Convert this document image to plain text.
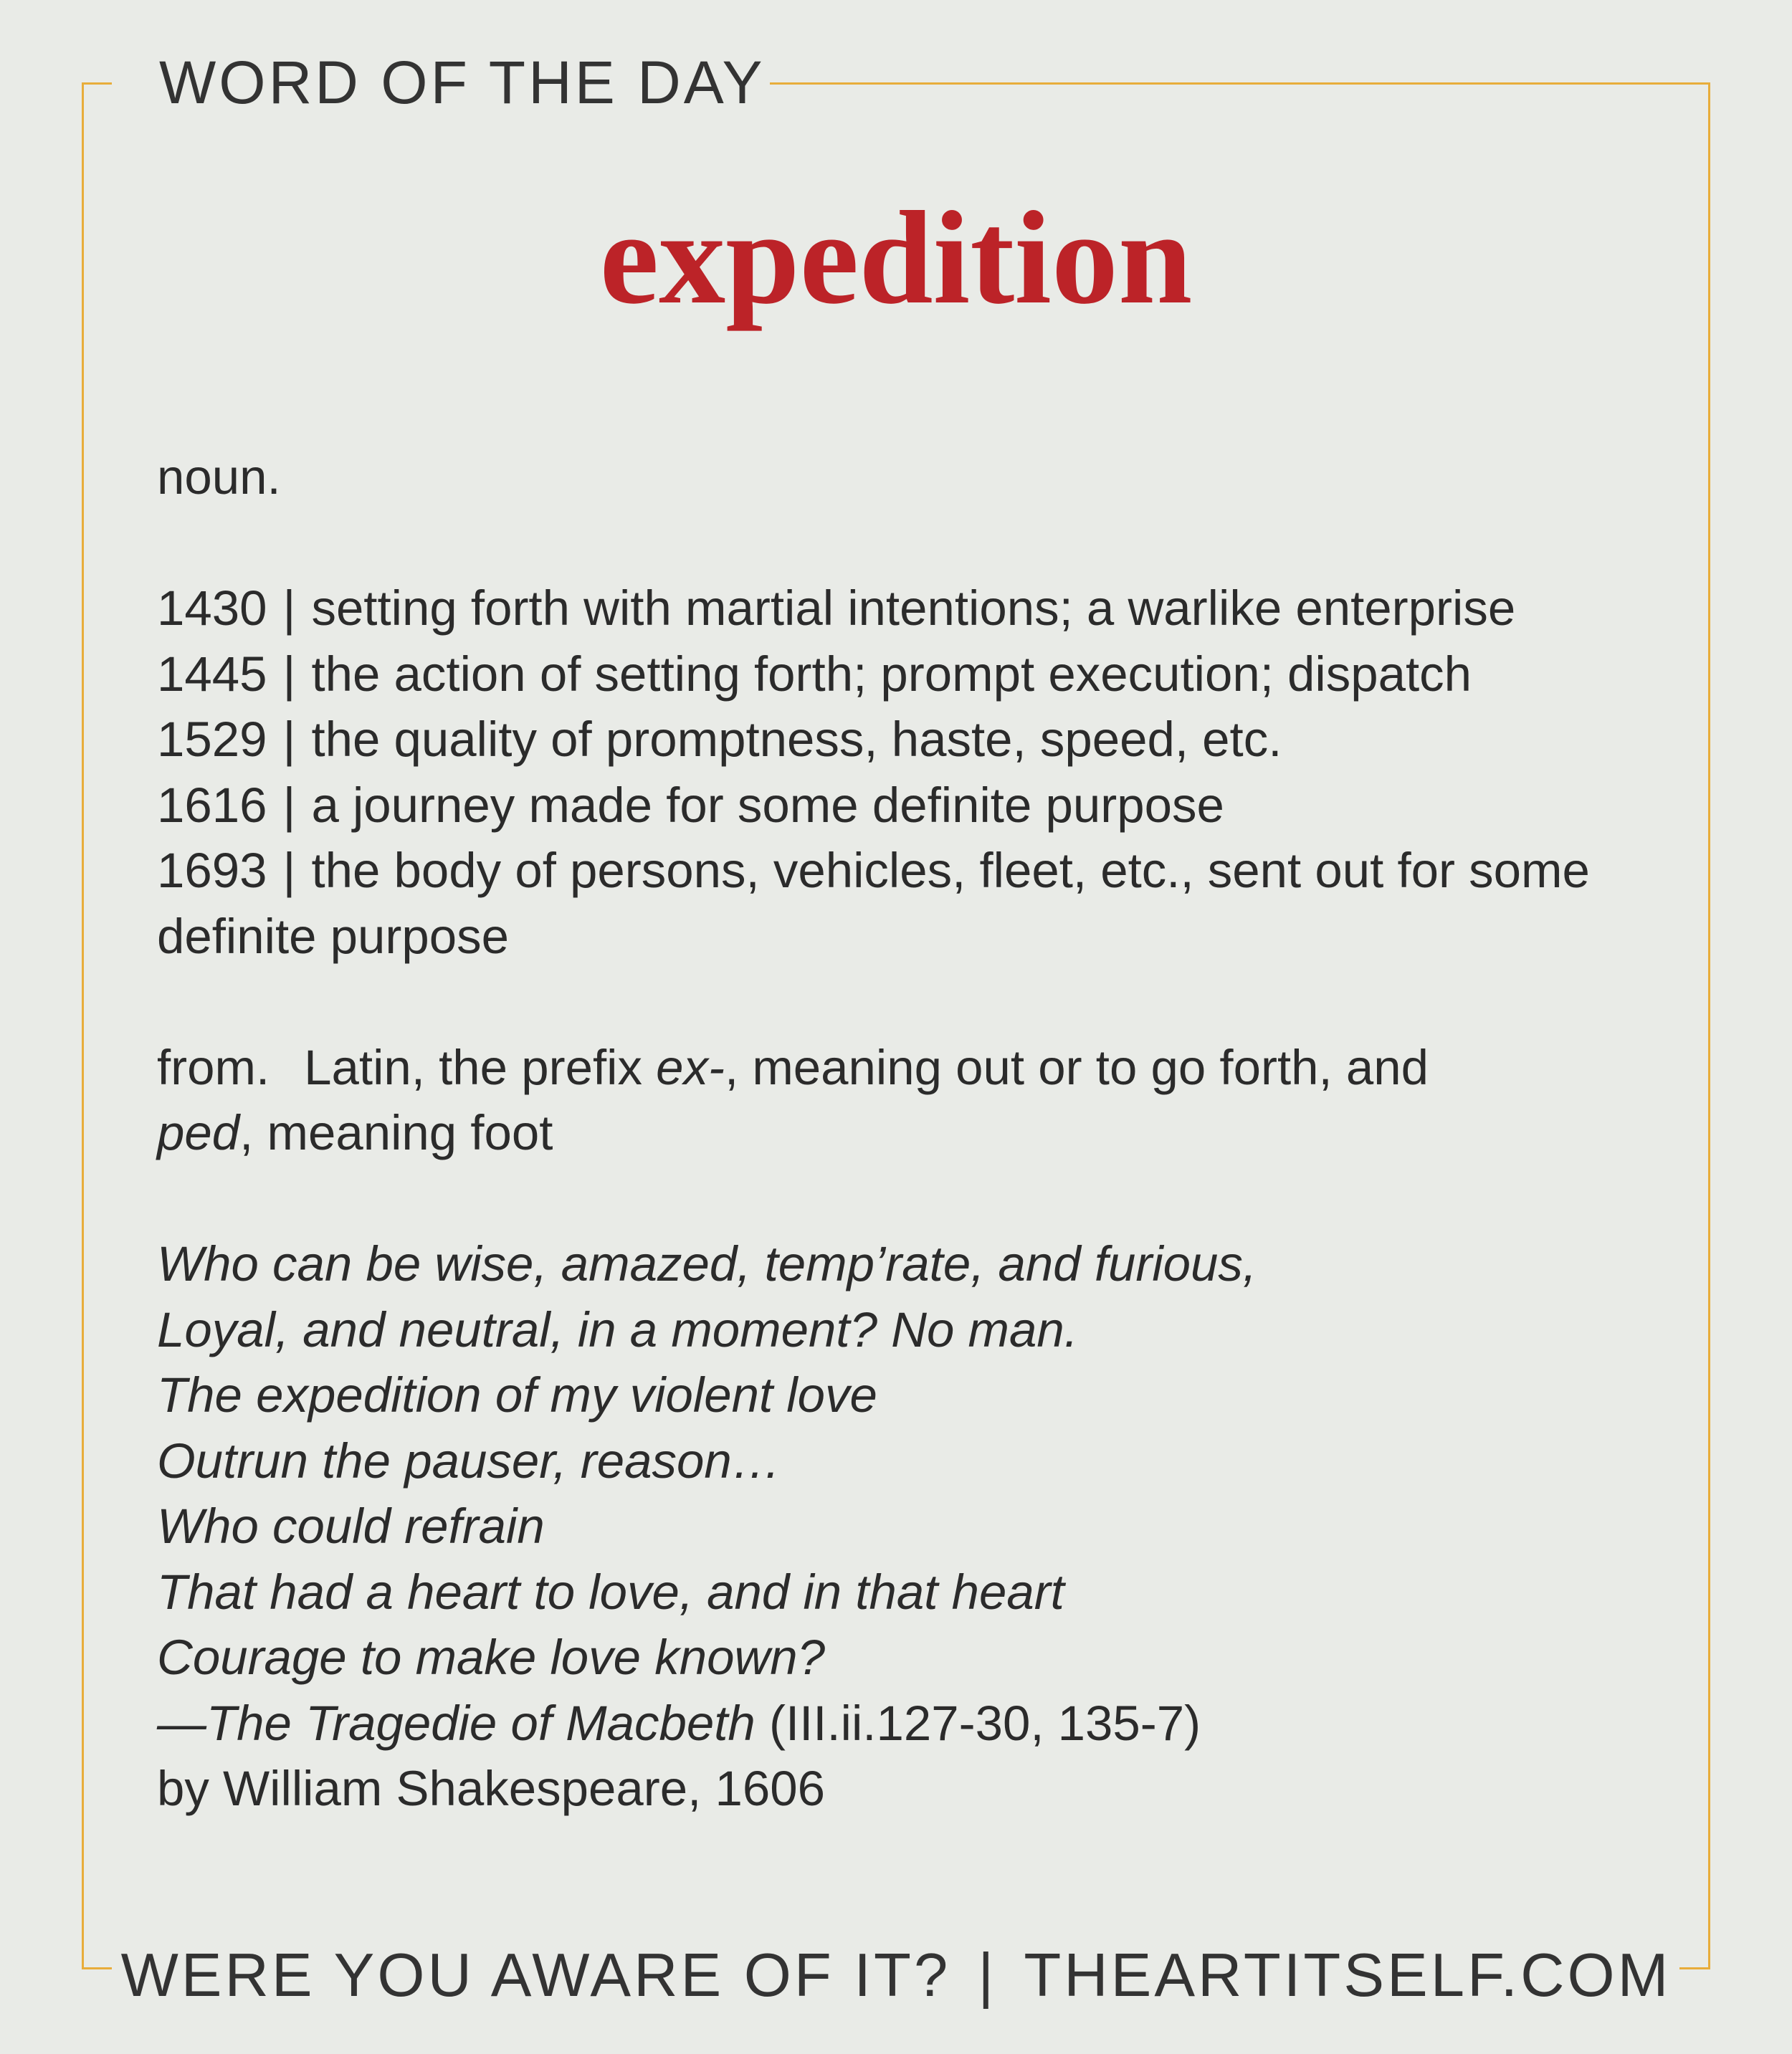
WORD OF THE DAY
expedition

noun.

1430 | setting forth with martial intentions; a warlike enterprise

1445 | the action of setting forth; prompt execution; dispatch

1529 | the quality of promptness, haste, speed, etc.

1616 | a journey made for some definite purpose

1693 | the body of persons, vehicles, fleet, etc., sent out for some definite purpose

from. Latin, the prefix ex-, meaning out or to go forth, and
ped, meaning foot

Who can be wise, amazed, temp’rate, and furious,

Loyal, and neutral, in a moment? No man.

The expedition of my violent love

Outrun the pauser, reason…

Who could refrain

That had a heart to love, and in that heart

Courage to make love known?

—The Tragedie of Macbeth (III.ii.127-30, 135-7)

by William Shakespeare, 1606

WERE YOU AWARE OF IT? | THEARTITSELF.COM
